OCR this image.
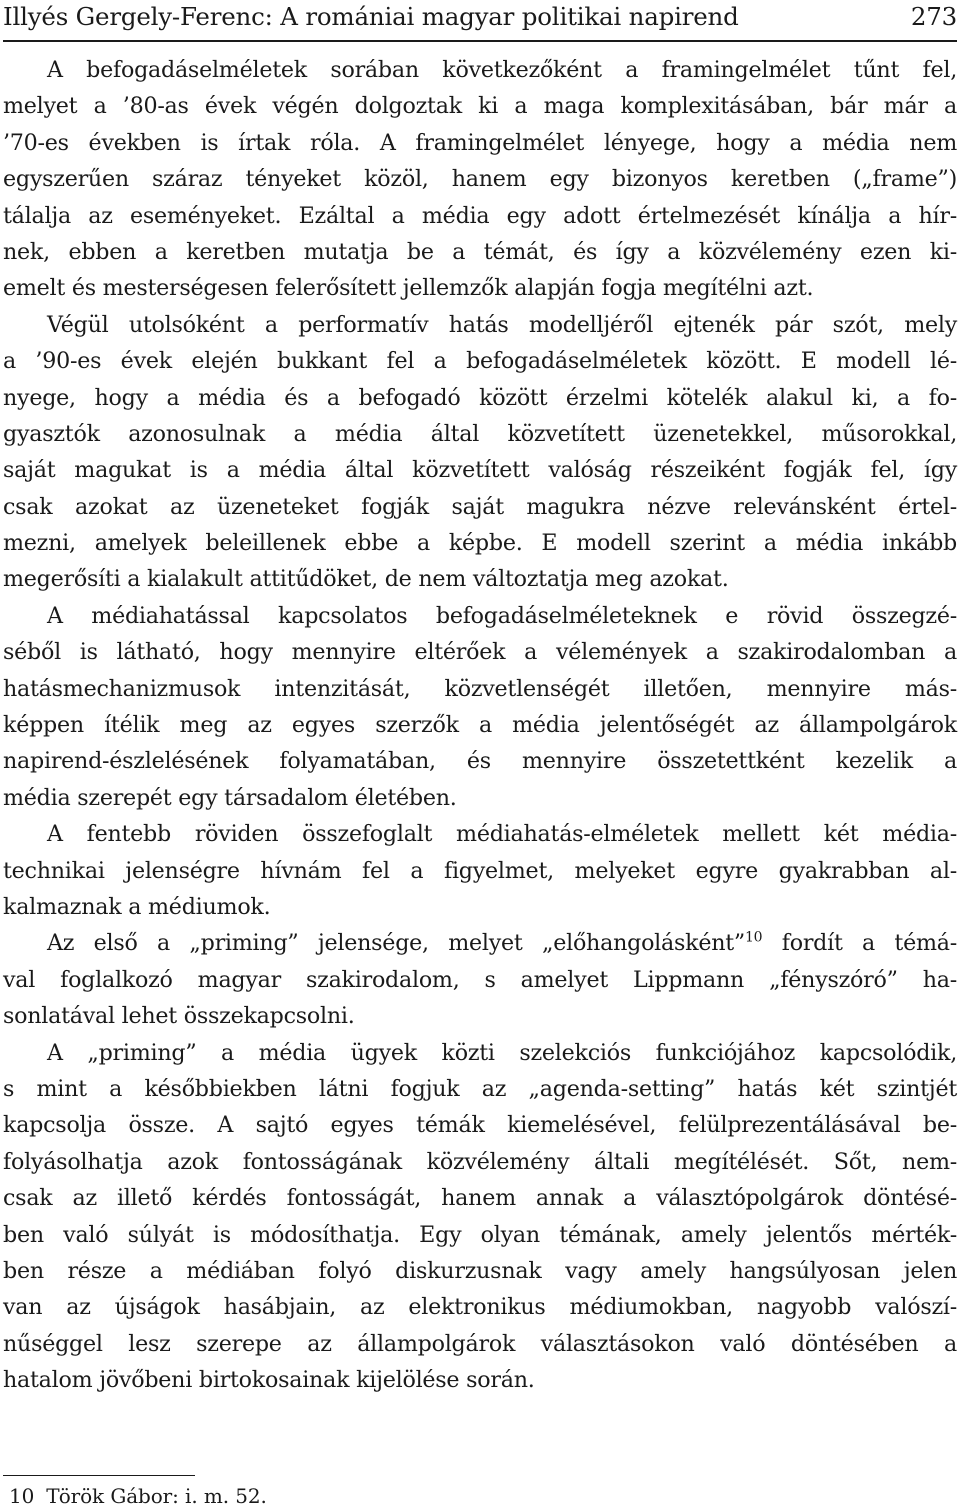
Illyés Gergely-Ferenc: A romániai magyar politikai napirend	273
A befogadáselméletek sorában következőként a framingelmélet tűnt fel,
melyet a ’80-as évek végén dolgoztak ki a maga komplexitásában, bár már a
’70-es években is írtak róla. A framingelmélet lényege, hogy a média nem
egyszerűen száraz tényeket közöl, hanem egy bizonyos keretben („frame”)
tálalja az eseményeket. Ezáltal a média egy adott értelmezését kínálja a hír-
nek, ebben a keretben mutatja be a témát, és így a közvélemény ezen ki-
emelt és mesterségesen felerősített jellemzők alapján fogja megítélni azt.
Végül utolsóként a performatív hatás modelljéről ejtenék pár szót, mely
a ’90-es évek elején bukkant fel a befogadáselméletek között. E modell lé-
nyege, hogy a média és a befogadó között érzelmi kötelék alakul ki, a fo-
gyasztók azonosulnak a média által közvetített üzenetekkel, műsorokkal,
saját magukat is a média által közvetített valóság részeiként fogják fel, így
csak azokat az üzeneteket fogják saját magukra nézve relevánsként értel-
mezni, amelyek beleillenek ebbe a képbe. E modell szerint a média inkább
megerősíti a kialakult attitűdöket, de nem változtatja meg azokat.
A médiahatással kapcsolatos befogadáselméleteknek e rövid összegzé-
séből is látható, hogy mennyire eltérőek a vélemények a szakirodalomban a
hatásmechanizmusok intenzitását, közvetlenségét illetően, mennyire más-
képpen ítélik meg az egyes szerzők a média jelentőségét az állampolgárok
napirend-észlelésének folyamatában, és mennyire összetettként kezelik a
média szerepét egy társadalom életében.
A fentebb röviden összefoglalt médiahatás-elméletek mellett két média-
technikai jelenségre hívnám fel a figyelmet, melyeket egyre gyakrabban al-
kalmaznak a médiumok.
Az első a „priming” jelensége, melyet „előhangolásként”$^{10}$ fordít a témá-
val foglalkozó magyar szakirodalom, s amelyet Lippmann „fényszóró” ha-
sonlatával lehet összekapcsolni.
A „priming” a média ügyek közti szelekciós funkciójához kapcsolódik,
s mint a későbbiekben látni fogjuk az „agenda-setting” hatás két szintjét
kapcsolja össze. A sajtó egyes témák kiemelésével, felülprezentálásával be-
folyásolhatja azok fontosságának közvélemény általi megítélését. Sőt, nem-
csak az illető kérdés fontosságát, hanem annak a választópolgárok döntésé-
ben való súlyát is módosíthatja. Egy olyan témának, amely jelentős mérték-
ben része a médiában folyó diskurzusnak vagy amely hangsúlyosan jelen
van az újságok hasábjain, az elektronikus médiumokban, nagyobb valószí-
nűséggel lesz szerepe az állampolgárok választásokon való döntésében a
hatalom jövőbeni birtokosainak kijelölése során.
10 Török Gábor: i. m. 52.
